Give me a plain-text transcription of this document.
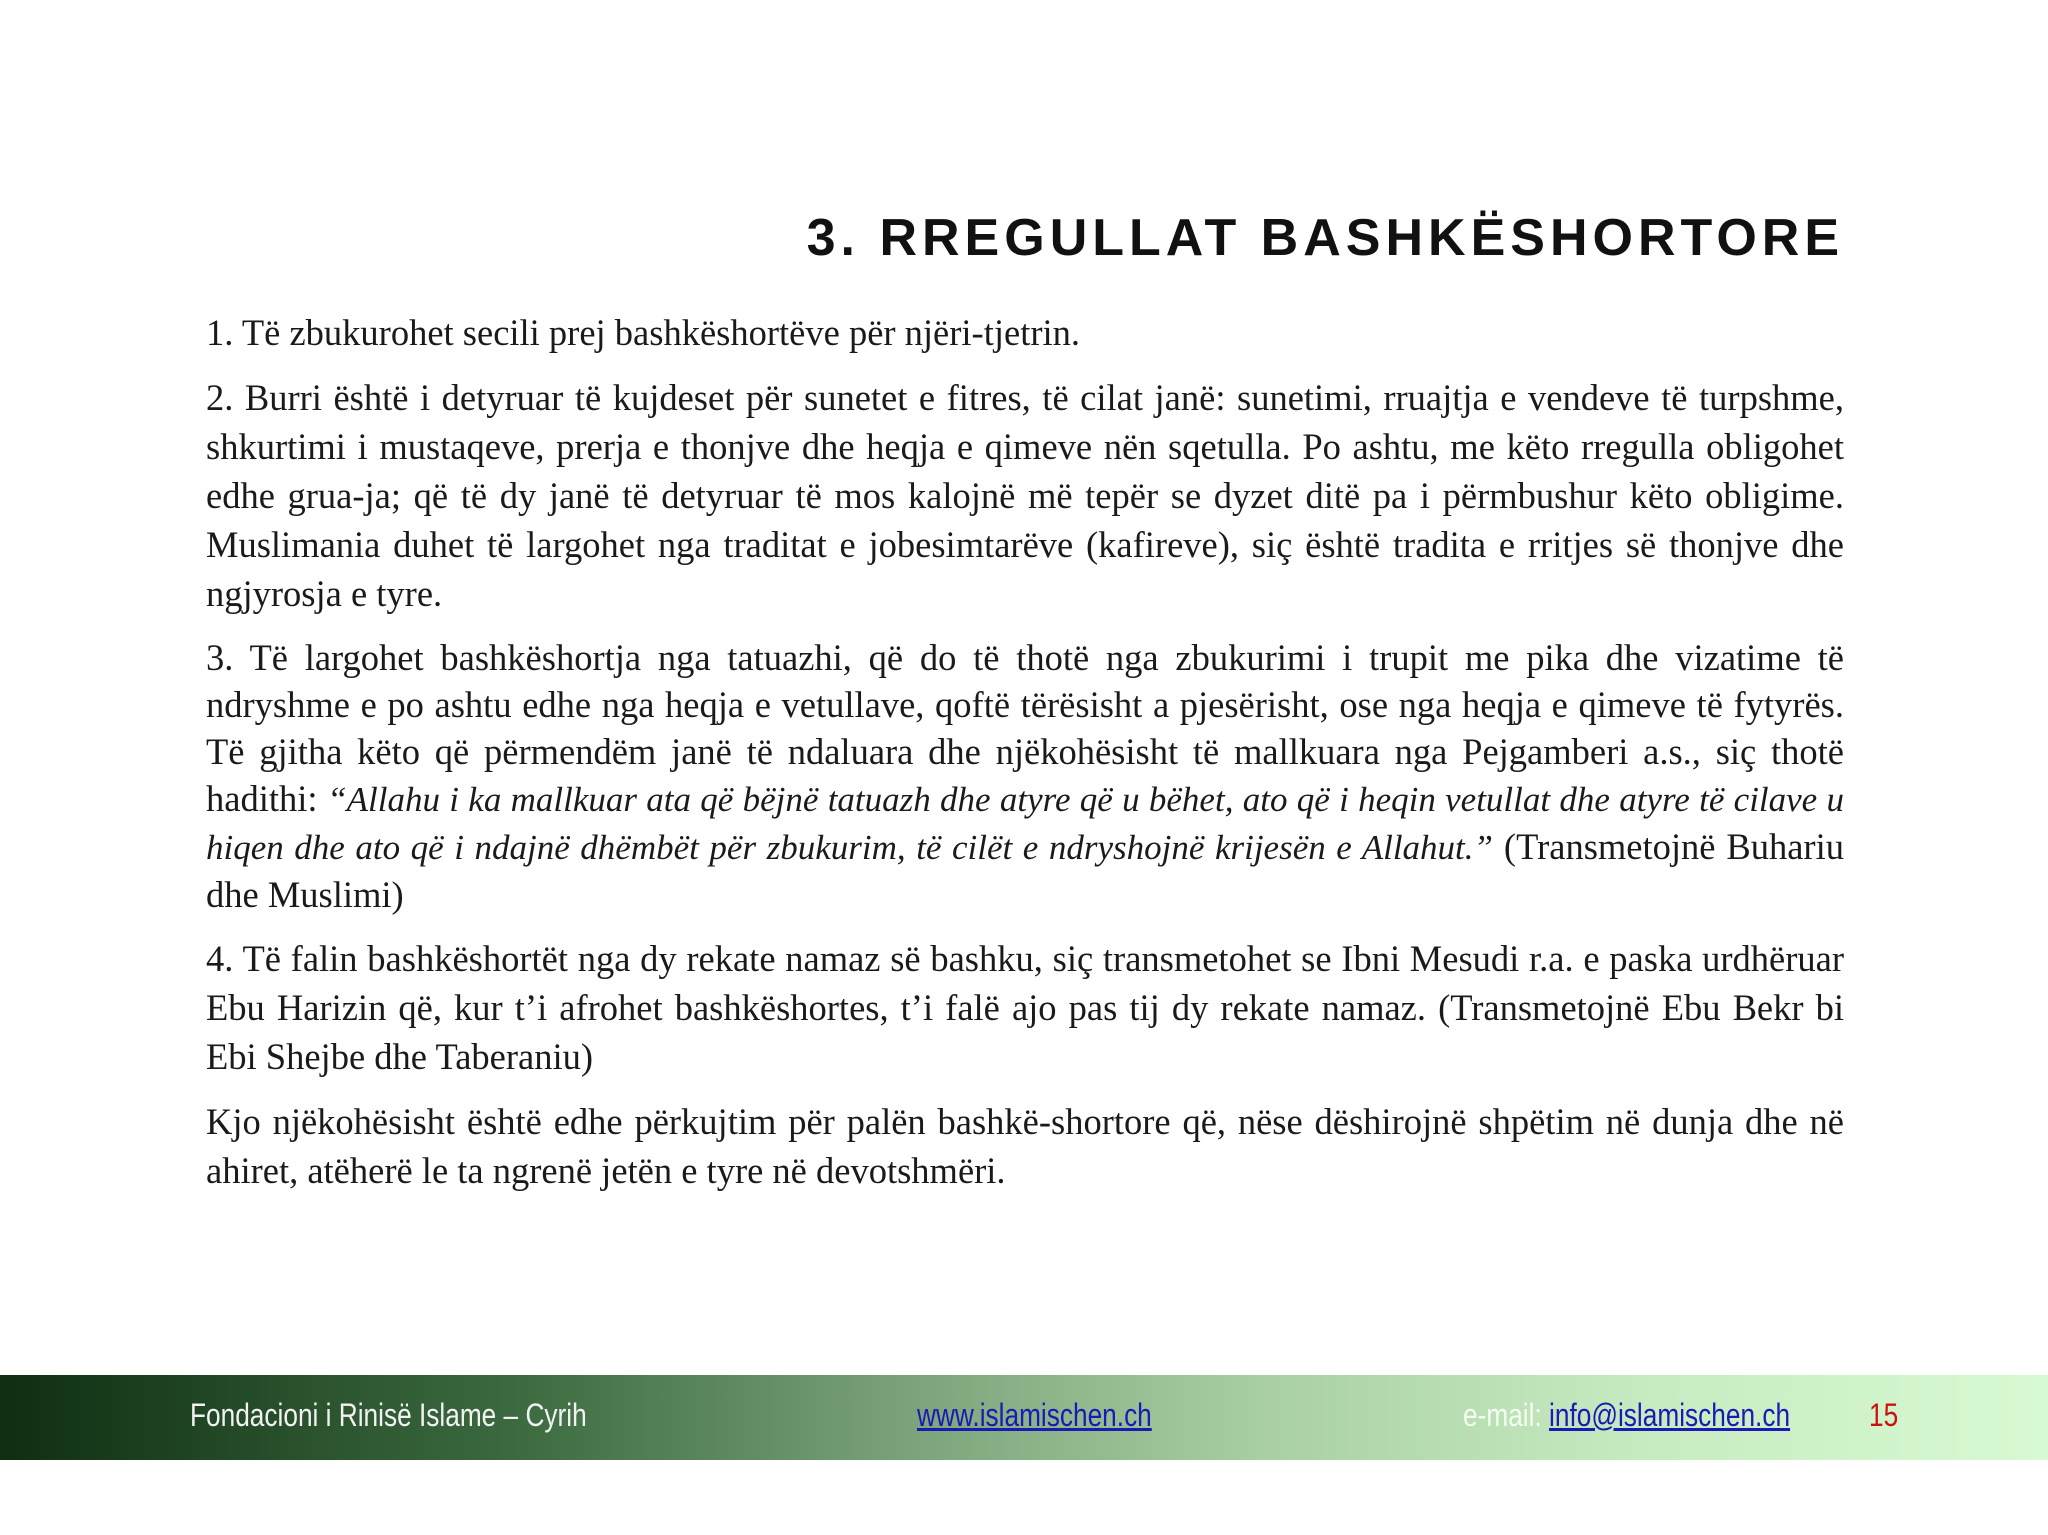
3. RREGULLAT BASHKËSHORTORE

1. Të zbukurohet secili prej bashkëshortëve për njëri-tjetrin.

2. Burri është i detyruar të kujdeset për sunetet e fitres, të cilat janë: sunetimi, rruajtja e vendeve të turpshme, shkurtimi i mustaqeve, prerja e thonjve dhe heqja e qimeve nën sqetulla. Po ashtu, me këto rregulla obligohet edhe grua-ja; që të dy janë të detyruar të mos kalojnë më tepër se dyzet ditë pa i përmbushur këto obligime. Muslimania duhet të largohet nga traditat e jobesimtarëve (kafireve), siç është tradita e rritjes së thonjve dhe ngjyrosja e tyre.

3. Të largohet bashkëshortja nga tatuazhi, që do të thotë nga zbukurimi i trupit me pika dhe vizatime të ndryshme e po ashtu edhe nga heqja e vetullave, qoftë tërësisht a pjesërisht, ose nga heqja e qimeve të fytyrës. Të gjitha këto që përmendëm janë të ndaluara dhe njëkohësisht të mallkuara nga Pejgamberi a.s., siç thotë hadithi: “Allahu i ka mallkuar ata që bëjnë tatuazh dhe atyre që u bëhet, ato që i heqin vetullat dhe atyre të cilave u hiqen dhe ato që i ndajnë dhëmbët për zbukurim, të cilët e ndryshojnë krijesën e Allahut.” (Transmetojnë Buhariu dhe Muslimi)

4. Të falin bashkëshortët nga dy rekate namaz së bashku, siç transmetohet se Ibni Mesudi r.a. e paska urdhëruar Ebu Harizin që, kur t’i afrohet bashkëshortes, t’i falë ajo pas tij dy rekate namaz. (Transmetojnë Ebu Bekr bi Ebi Shejbe dhe Taberaniu)

Kjo njëkohësisht është edhe përkujtim për palën bashkë-shortore që, nëse dëshirojnë shpëtim në dunja dhe në ahiret, atëherë le ta ngrenë jetën e tyre në devotshmëri.

Fondacioni i Rinisë Islame – Cyrih	www.islamischen.ch	e-mail: info@islamischen.ch 15
